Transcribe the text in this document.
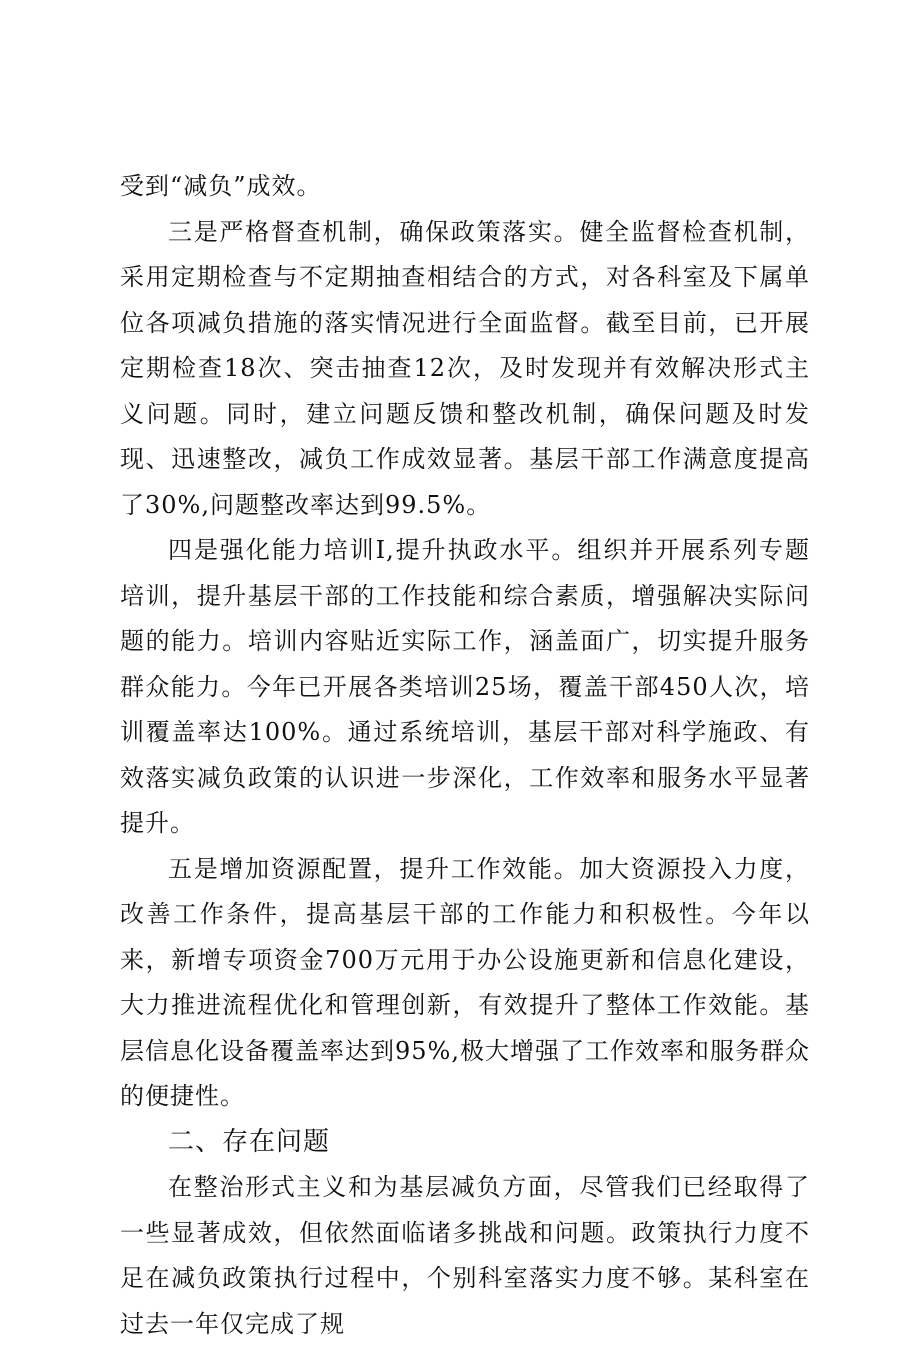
受到“减负”成效。

三是严格督查机制，确保政策落实。健全监督检查机制，采用定期检查与不定期抽查相结合的方式，对各科室及下属单位各项减负措施的落实情况进行全面监督。截至目前，已开展定期检查18次、突击抽查12次，及时发现并有效解决形式主义问题。同时，建立问题反馈和整改机制，确保问题及时发现、迅速整改，减负工作成效显著。基层干部工作满意度提高了30%,问题整改率达到99.5%。

四是强化能力培训I,提升执政水平。组织并开展系列专题培训，提升基层干部的工作技能和综合素质，增强解决实际问题的能力。培训内容贴近实际工作，涵盖面广，切实提升服务群众能力。今年已开展各类培训25场，覆盖干部450人次，培训覆盖率达100%。通过系统培训，基层干部对科学施政、有效落实减负政策的认识进一步深化，工作效率和服务水平显著提升。

五是增加资源配置，提升工作效能。加大资源投入力度，改善工作条件，提高基层干部的工作能力和积极性。今年以来，新增专项资金700万元用于办公设施更新和信息化建设，大力推进流程优化和管理创新，有效提升了整体工作效能。基层信息化设备覆盖率达到95%,极大增强了工作效率和服务群众的便捷性。

二、存在问题

在整治形式主义和为基层减负方面，尽管我们已经取得了一些显著成效，但依然面临诸多挑战和问题。政策执行力度不足在减负政策执行过程中，个别科室落实力度不够。某科室在过去一年仅完成了规
